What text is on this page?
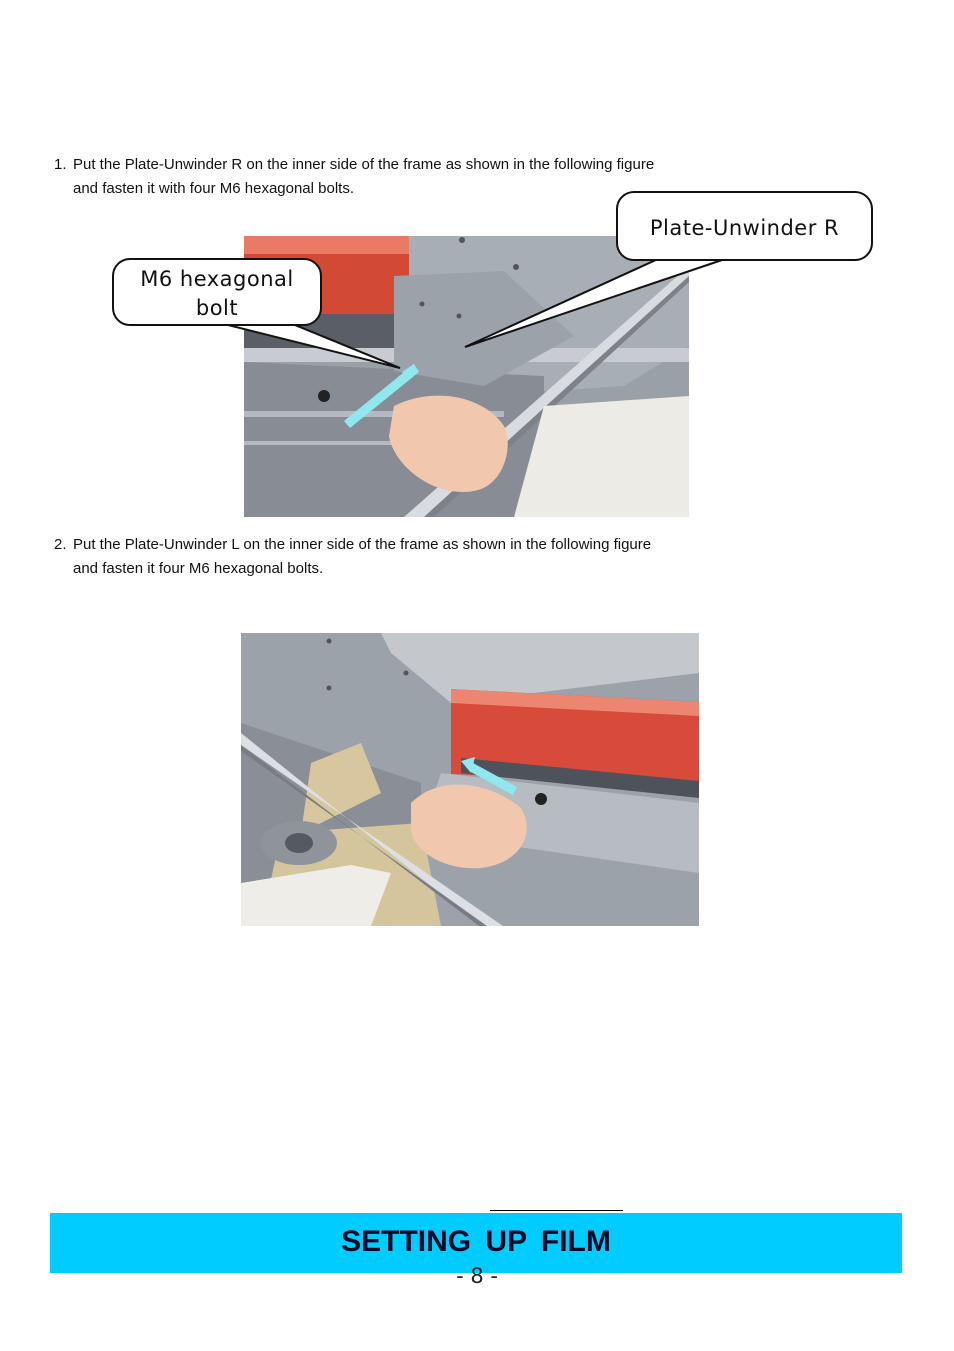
1. Put the Plate-Unwinder R on the inner side of the frame as shown in the following figure
and fasten it with four M6 hexagonal bolts.

Plate-Unwinder R
M6 hexagonal
bolt

2. Put the Plate-Unwinder L on the inner side of the frame as shown in the following figure
and fasten it four M6 hexagonal bolts.

SETTING UP FILM

- 8 -
